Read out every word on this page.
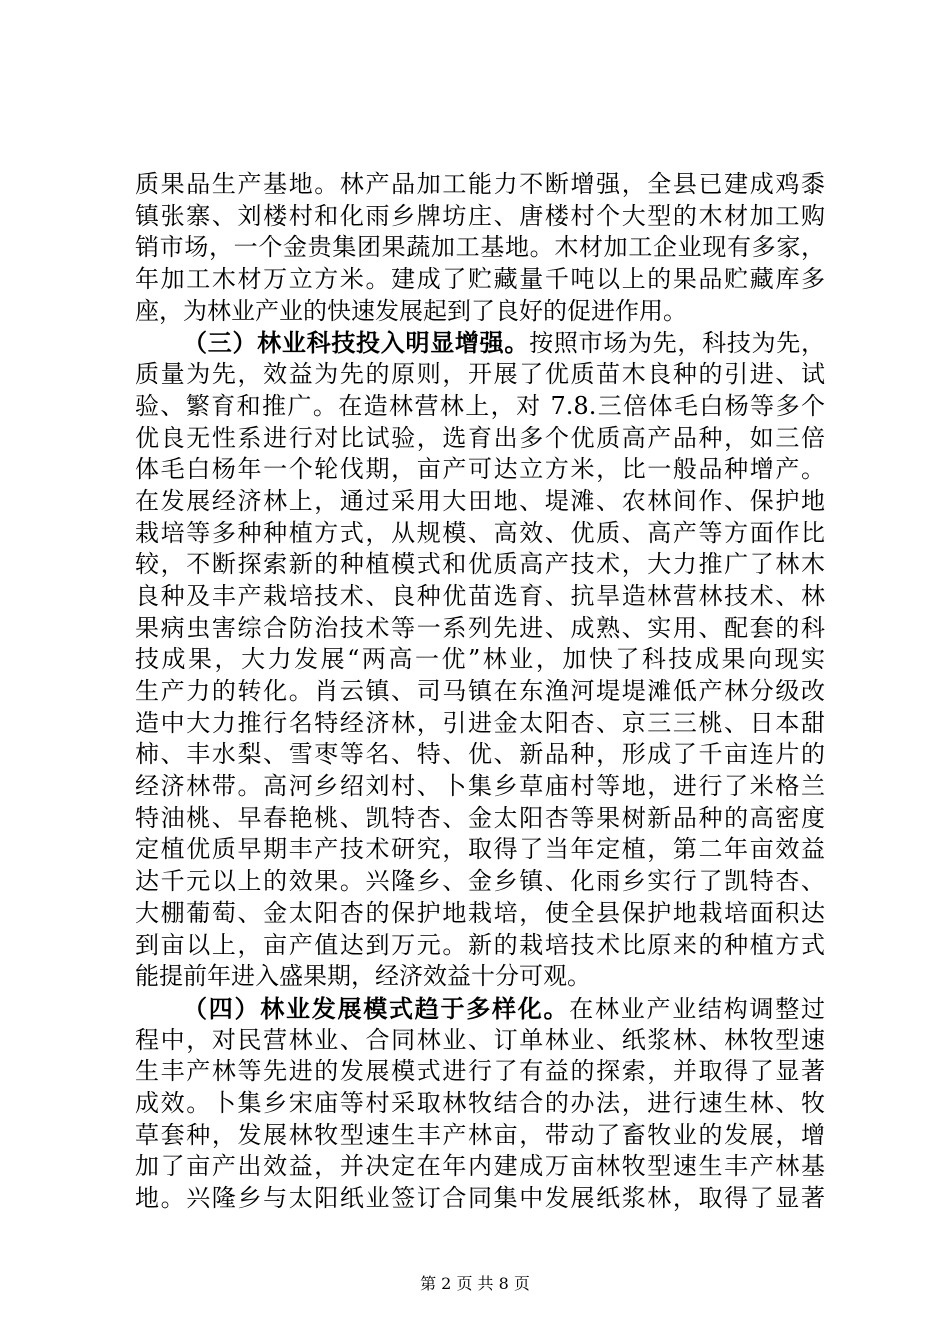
质果品生产基地。林产品加工能力不断增强，全县已建成鸡黍
镇张寨、刘楼村和化雨乡牌坊庄、唐楼村个大型的木材加工购
销市场，一个金贵集团果蔬加工基地。木材加工企业现有多家，
年加工木材万立方米。建成了贮藏量千吨以上的果品贮藏库多
座，为林业产业的快速发展起到了良好的促进作用。
（三）林业科技投入明显增强。按照市场为先，科技为先，
质量为先，效益为先的原则，开展了优质苗木良种的引进、试
验、繁育和推广。在造林营林上，对 7.8.三倍体毛白杨等多个
优良无性系进行对比试验，选育出多个优质高产品种，如三倍
体毛白杨年一个轮伐期，亩产可达立方米，比一般品种增产。
在发展经济林上，通过采用大田地、堤滩、农林间作、保护地
栽培等多种种植方式，从规模、高效、优质、高产等方面作比
较，不断探索新的种植模式和优质高产技术，大力推广了林木
良种及丰产栽培技术、良种优苗选育、抗旱造林营林技术、林
果病虫害综合防治技术等一系列先进、成熟、实用、配套的科
技成果，大力发展“两高一优”林业，加快了科技成果向现实
生产力的转化。肖云镇、司马镇在东渔河堤堤滩低产林分级改
造中大力推行名特经济林，引进金太阳杏、京三三桃、日本甜
柿、丰水梨、雪枣等名、特、优、新品种，形成了千亩连片的
经济林带。高河乡绍刘村、卜集乡草庙村等地，进行了米格兰
特油桃、早春艳桃、凯特杏、金太阳杏等果树新品种的高密度
定植优质早期丰产技术研究，取得了当年定植，第二年亩效益
达千元以上的效果。兴隆乡、金乡镇、化雨乡实行了凯特杏、
大棚葡萄、金太阳杏的保护地栽培，使全县保护地栽培面积达
到亩以上，亩产值达到万元。新的栽培技术比原来的种植方式
能提前年进入盛果期，经济效益十分可观。
（四）林业发展模式趋于多样化。在林业产业结构调整过
程中，对民营林业、合同林业、订单林业、纸浆林、林牧型速
生丰产林等先进的发展模式进行了有益的探索，并取得了显著
成效。卜集乡宋庙等村采取林牧结合的办法，进行速生林、牧
草套种，发展林牧型速生丰产林亩，带动了畜牧业的发展，增
加了亩产出效益，并决定在年内建成万亩林牧型速生丰产林基
地。兴隆乡与太阳纸业签订合同集中发展纸浆林，取得了显著
第 2 页 共 8 页
